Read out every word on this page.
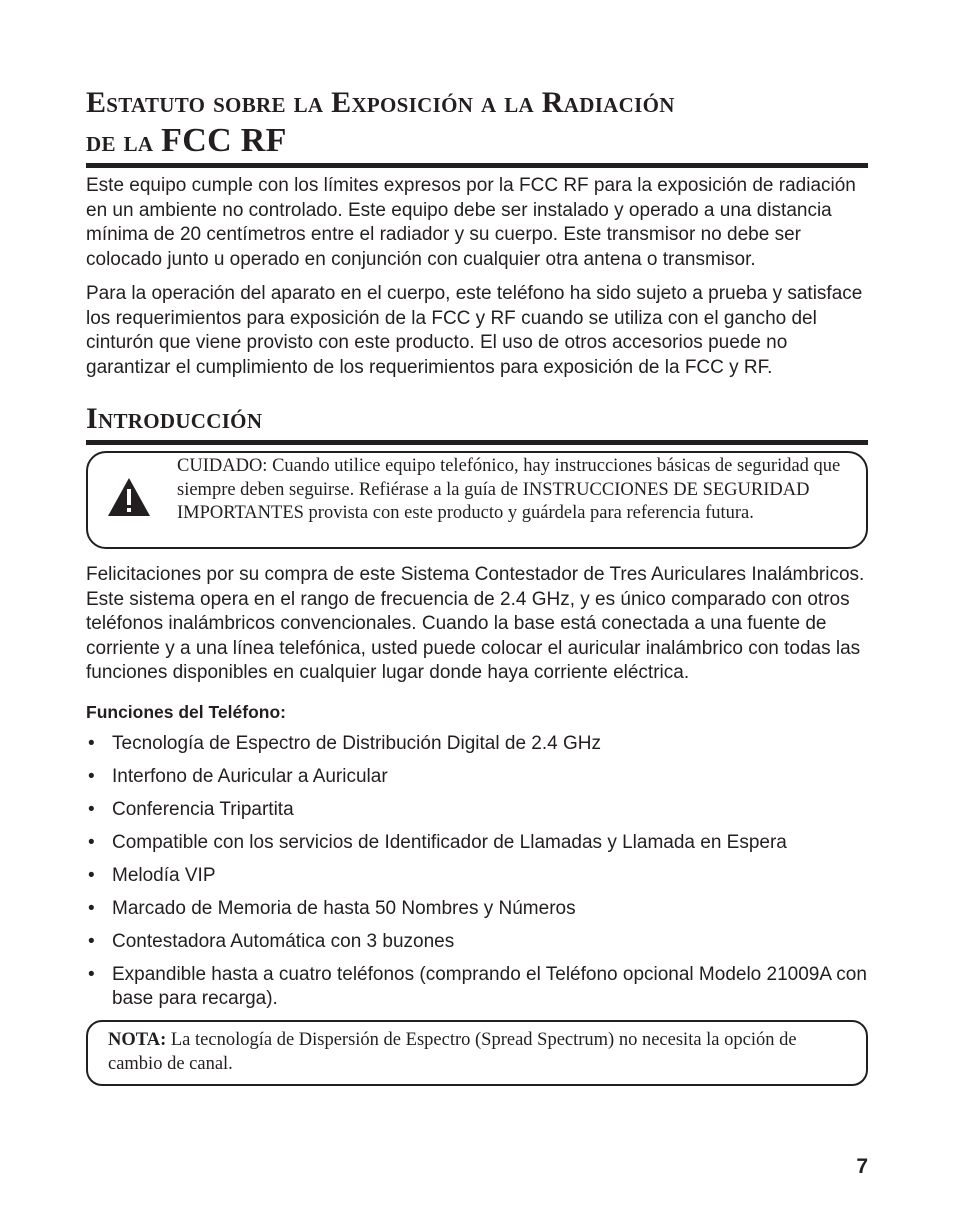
Estatuto sobre la Exposición a la Radiación
de la FCC RF

Este equipo cumple con los límites expresos por la FCC RF para la exposición de radiación en un ambiente no controlado. Este equipo debe ser instalado y operado a una distancia mínima de 20 centímetros entre el radiador y su cuerpo. Este transmisor no debe ser colocado junto u operado en conjunción con cualquier otra antena o transmisor.

Para la operación del aparato en el cuerpo, este teléfono ha sido sujeto a prueba y satisface los requerimientos para exposición de la FCC y RF cuando se utiliza con el gancho del cinturón que viene provisto con este producto. El uso de otros accesorios puede no garantizar el cumplimiento de los requerimientos para exposición de la FCC y RF.

Introducción
CUIDADO: Cuando utilice equipo telefónico, hay instrucciones básicas de seguridad que siempre deben seguirse. Refiérase a la guía de INSTRUCCIONES DE SEGURIDAD IMPORTANTES provista con este producto y guárdela para referencia futura.

Felicitaciones por su compra de este Sistema Contestador de Tres Auriculares Inalámbricos. Este sistema opera en el rango de frecuencia de 2.4 GHz, y es único comparado con otros teléfonos inalámbricos convencionales. Cuando la base está conectada a una fuente de corriente y a una línea telefónica, usted puede colocar el auricular inalámbrico con todas las funciones disponibles en cualquier lugar donde haya corriente eléctrica.

Funciones del Teléfono:
• Tecnología de Espectro de Distribución Digital de 2.4 GHz
• Interfono de Auricular a Auricular
• Conferencia Tripartita
• Compatible con los servicios de Identificador de Llamadas y Llamada en Espera
• Melodía VIP
• Marcado de Memoria de hasta 50 Nombres y Números
• Contestadora Automática con 3 buzones
• Expandible hasta a cuatro teléfonos (comprando el Teléfono opcional Modelo 21009A con base para recarga).
NOTA: La tecnología de Dispersión de Espectro (Spread Spectrum) no necesita la opción de cambio de canal.
7
